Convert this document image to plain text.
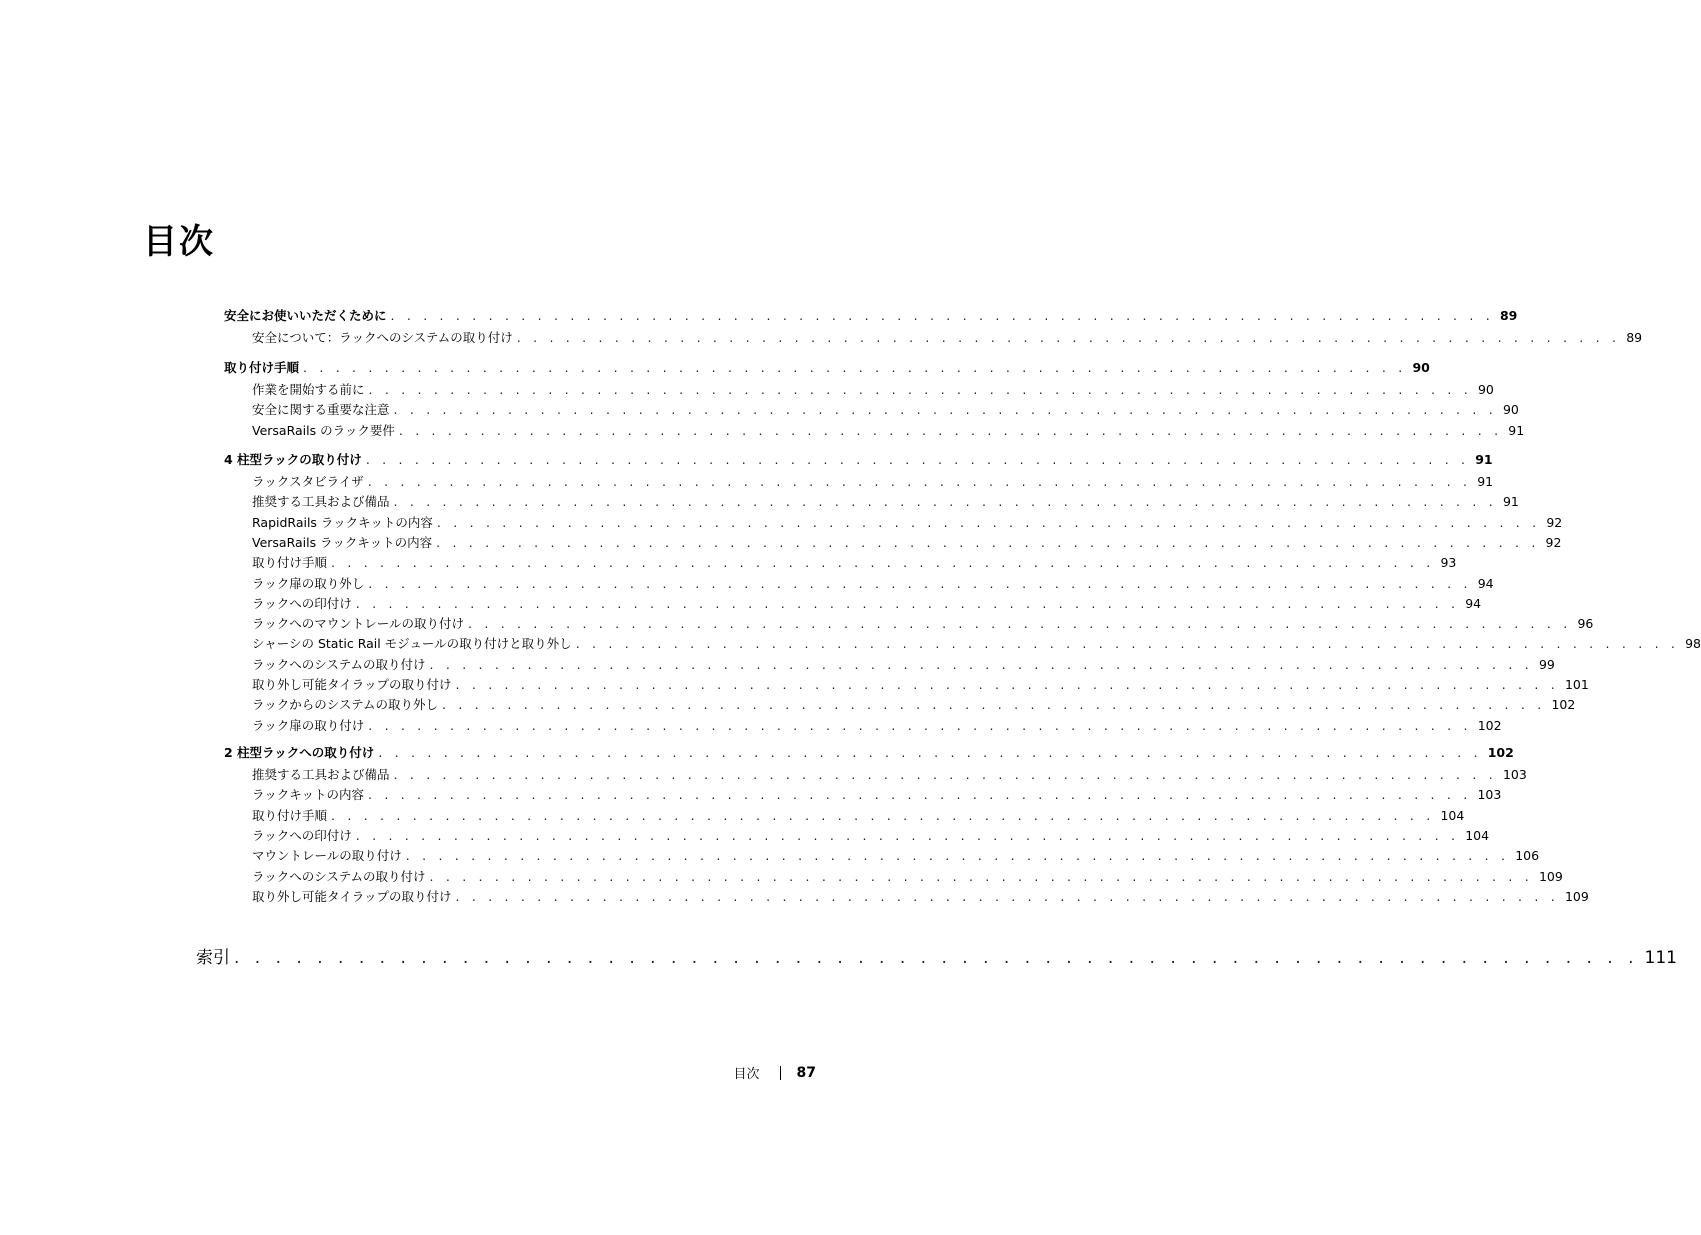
目次
安全にお使いいただくために . . . . . . . . . . . . . . . . . . . . . . . . . . . . . . . . . . . . . . . . . . . . . . . . . . . . . . . . . . . . . . . . . . . . 89
安全について：ラックへのシステムの取り付け . . . . . . . . . . . . . . . . . . . . . . . . . . . . . . . . . . . . . . . . . . . . . . . . . . . . . . . . . . . . . . . . . . . . 89
取り付け手順 . . . . . . . . . . . . . . . . . . . . . . . . . . . . . . . . . . . . . . . . . . . . . . . . . . . . . . . . . . . . . . . . . . . . 90
作業を開始する前に . . . . . . . . . . . . . . . . . . . . . . . . . . . . . . . . . . . . . . . . . . . . . . . . . . . . . . . . . . . . . . . . . . . . 90
安全に関する重要な注意 . . . . . . . . . . . . . . . . . . . . . . . . . . . . . . . . . . . . . . . . . . . . . . . . . . . . . . . . . . . . . . . . . . . . 90
VersaRails のラック要件 . . . . . . . . . . . . . . . . . . . . . . . . . . . . . . . . . . . . . . . . . . . . . . . . . . . . . . . . . . . . . . . . . . . . 91
4 柱型ラックの取り付け . . . . . . . . . . . . . . . . . . . . . . . . . . . . . . . . . . . . . . . . . . . . . . . . . . . . . . . . . . . . . . . . . . . . 91
ラックスタビライザ . . . . . . . . . . . . . . . . . . . . . . . . . . . . . . . . . . . . . . . . . . . . . . . . . . . . . . . . . . . . . . . . . . . . 91
推奨する工具および備品 . . . . . . . . . . . . . . . . . . . . . . . . . . . . . . . . . . . . . . . . . . . . . . . . . . . . . . . . . . . . . . . . . . . . 91
RapidRails ラックキットの内容 . . . . . . . . . . . . . . . . . . . . . . . . . . . . . . . . . . . . . . . . . . . . . . . . . . . . . . . . . . . . . . . . . . . . 92
VersaRails ラックキットの内容 . . . . . . . . . . . . . . . . . . . . . . . . . . . . . . . . . . . . . . . . . . . . . . . . . . . . . . . . . . . . . . . . . . . . 92
取り付け手順 . . . . . . . . . . . . . . . . . . . . . . . . . . . . . . . . . . . . . . . . . . . . . . . . . . . . . . . . . . . . . . . . . . . . 93
ラック扉の取り外し . . . . . . . . . . . . . . . . . . . . . . . . . . . . . . . . . . . . . . . . . . . . . . . . . . . . . . . . . . . . . . . . . . . . 94
ラックへの印付け . . . . . . . . . . . . . . . . . . . . . . . . . . . . . . . . . . . . . . . . . . . . . . . . . . . . . . . . . . . . . . . . . . . . 94
ラックへのマウントレールの取り付け . . . . . . . . . . . . . . . . . . . . . . . . . . . . . . . . . . . . . . . . . . . . . . . . . . . . . . . . . . . . . . . . . . . . 96
シャーシの Static Rail モジュールの取り付けと取り外し . . . . . . . . . . . . . . . . . . . . . . . . . . . . . . . . . . . . . . . . . . . . . . . . . . . . . . . . . . . . . . . . . . . . 98
ラックへのシステムの取り付け . . . . . . . . . . . . . . . . . . . . . . . . . . . . . . . . . . . . . . . . . . . . . . . . . . . . . . . . . . . . . . . . . . . . 99
取り外し可能タイラップの取り付け . . . . . . . . . . . . . . . . . . . . . . . . . . . . . . . . . . . . . . . . . . . . . . . . . . . . . . . . . . . . . . . . . . . . 101
ラックからのシステムの取り外し . . . . . . . . . . . . . . . . . . . . . . . . . . . . . . . . . . . . . . . . . . . . . . . . . . . . . . . . . . . . . . . . . . . . 102
ラック扉の取り付け . . . . . . . . . . . . . . . . . . . . . . . . . . . . . . . . . . . . . . . . . . . . . . . . . . . . . . . . . . . . . . . . . . . . 102
2 柱型ラックへの取り付け . . . . . . . . . . . . . . . . . . . . . . . . . . . . . . . . . . . . . . . . . . . . . . . . . . . . . . . . . . . . . . . . . . . . 102
推奨する工具および備品 . . . . . . . . . . . . . . . . . . . . . . . . . . . . . . . . . . . . . . . . . . . . . . . . . . . . . . . . . . . . . . . . . . . . 103
ラックキットの内容 . . . . . . . . . . . . . . . . . . . . . . . . . . . . . . . . . . . . . . . . . . . . . . . . . . . . . . . . . . . . . . . . . . . . 103
取り付け手順 . . . . . . . . . . . . . . . . . . . . . . . . . . . . . . . . . . . . . . . . . . . . . . . . . . . . . . . . . . . . . . . . . . . . 104
ラックへの印付け . . . . . . . . . . . . . . . . . . . . . . . . . . . . . . . . . . . . . . . . . . . . . . . . . . . . . . . . . . . . . . . . . . . . 104
マウントレールの取り付け . . . . . . . . . . . . . . . . . . . . . . . . . . . . . . . . . . . . . . . . . . . . . . . . . . . . . . . . . . . . . . . . . . . . 106
ラックへのシステムの取り付け . . . . . . . . . . . . . . . . . . . . . . . . . . . . . . . . . . . . . . . . . . . . . . . . . . . . . . . . . . . . . . . . . . . . 109
取り外し可能タイラップの取り付け . . . . . . . . . . . . . . . . . . . . . . . . . . . . . . . . . . . . . . . . . . . . . . . . . . . . . . . . . . . . . . . . . . . . 109
索引 . . . . . . . . . . . . . . . . . . . . . . . . . . . . . . . . . . . . . . . . . . . . . . . . . . . . . . . . . . . . . . . . . . . . 111
目次	87
